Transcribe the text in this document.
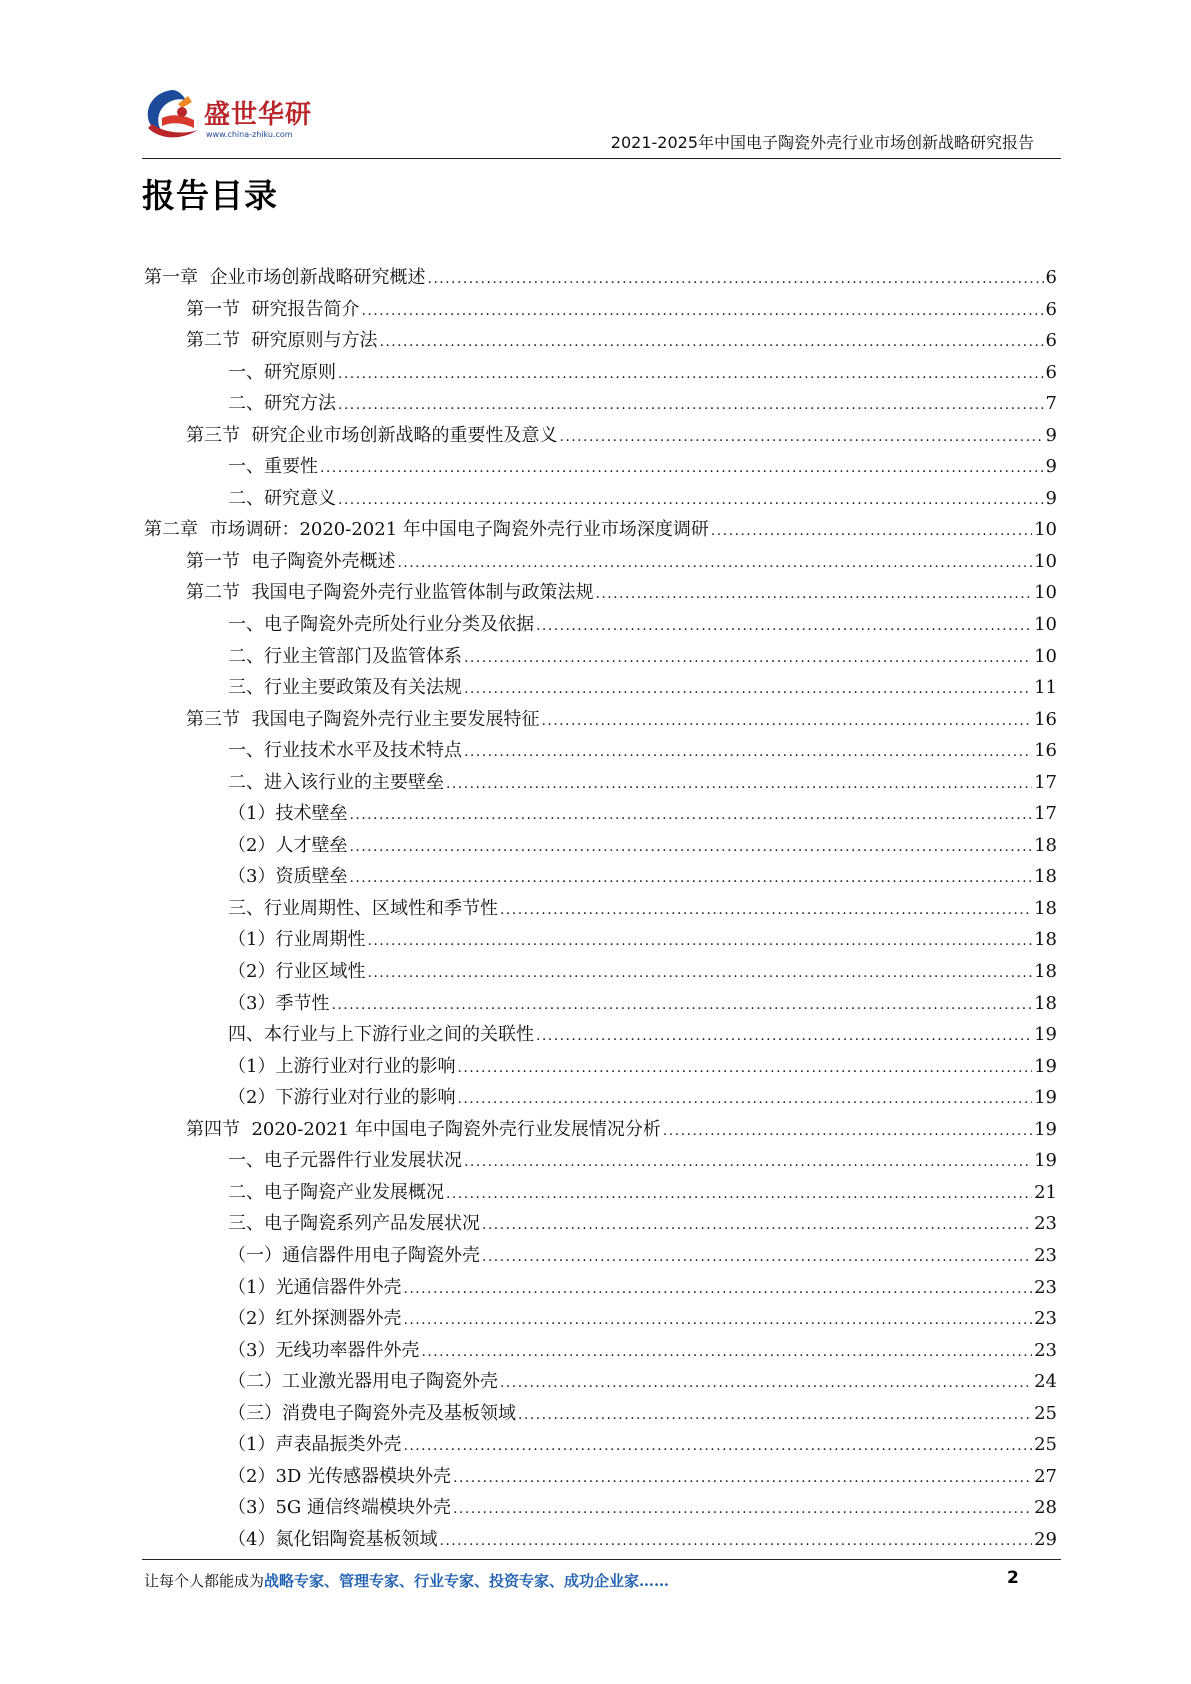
盛世华研
www.china-zhiku.com	2021-2025年中国电子陶瓷外壳行业市场创新战略研究报告
报告目录
第一章  企业市场创新战略研究概述 . . .	6
第一节  研究报告简介 . . .	6
第二节  研究原则与方法 . . .	6
一、研究原则 . . .	6
二、研究方法 . . .	7
第三节  研究企业市场创新战略的重要性及意义 . . .	9
一、重要性 . . .	9
二、研究意义 . . .	9
第二章  市场调研：2020-2021 年中国电子陶瓷外壳行业市场深度调研 . . .	10
第一节  电子陶瓷外壳概述 . . .	10
第二节  我国电子陶瓷外壳行业监管体制与政策法规 . . .	10
一、电子陶瓷外壳所处行业分类及依据 . . .	10
二、行业主管部门及监管体系 . . .	10
三、行业主要政策及有关法规 . . .	11
第三节  我国电子陶瓷外壳行业主要发展特征 . . .	16
一、行业技术水平及技术特点 . . .	16
二、进入该行业的主要壁垒 . . .	17
（1）技术壁垒 . . .	17
（2）人才壁垒 . . .	18
（3）资质壁垒 . . .	18
三、行业周期性、区域性和季节性 . . .	18
（1）行业周期性 . . .	18
（2）行业区域性 . . .	18
（3）季节性 . . .	18
四、本行业与上下游行业之间的关联性 . . .	19
（1）上游行业对行业的影响 . . .	19
（2）下游行业对行业的影响 . . .	19
第四节  2020-2021 年中国电子陶瓷外壳行业发展情况分析 . . .	19
一、电子元器件行业发展状况 . . .	19
二、电子陶瓷产业发展概况 . . .	21
三、电子陶瓷系列产品发展状况 . . .	23
（一）通信器件用电子陶瓷外壳 . . .	23
（1）光通信器件外壳 . . .	23
（2）红外探测器外壳 . . .	23
（3）无线功率器件外壳 . . .	23
（二）工业激光器用电子陶瓷外壳 . . .	24
（三）消费电子陶瓷外壳及基板领域 . . .	25
（1）声表晶振类外壳 . . .	25
（2）3D 光传感器模块外壳 . . .	27
（3）5G 通信终端模块外壳 . . .	28
（4）氮化铝陶瓷基板领域 . . .	29
让每个人都能成为战略专家、管理专家、行业专家、投资专家、成功企业家……	2
